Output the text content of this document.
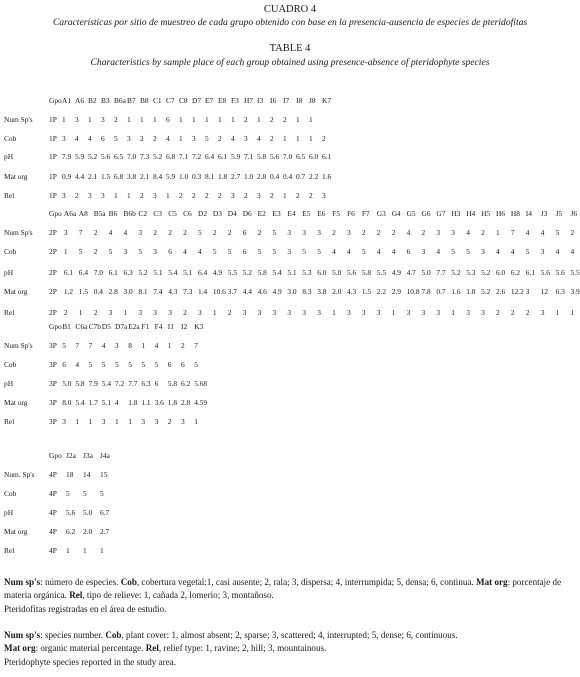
CUADRO 4
Características por sitio de muestreo de cada grupo obtenido con base en la presencia-ausencia de especies de pteridofitas
TABLE 4
Characteristics by sample place of each group obtained using presence-absence of pteridophyte species
Gpo A1 A6 B2 B3 B6a B7 B8 C1 C7 C8 D7 E7 E8 F3 H7 I3 I6 I7 I8 J8 K7
Num Sp's 1P 1 3 1 3 2 1 1 1 6 1 1 1 1 1 2 1 2 2 1 1
Cob	1P 3 4 4 6 5 3 2 2 4 1 3 5 2 4 3 4 2 1 1 1 2
pH	1P 7.9 5.9 5.2 5.6 6.5 7.0 7.3 5.2 6.8 7.1 7.2 6.4 6.1 5.9 7.1 5.8 5.6 7.0 6.5 6.0 6.1
Mat org	1P 0.9 4.4 2.1 1.5 6.8 3.8 2.1 8.4 5.9 1.0 0.3 8.1 1.8 2.7 1.0 2.8 0.4 0.4 0.7 2.2 1.6
Rel	1P 3 2 3 3 1 1 2 3 1 2 2 2 2 3 2 3 2 1 2 2 3
Gpo A6a A8 B5a B6 B6b C2 C3 C5 C6 D2 D3 D4 D6 E2 E3 E4 E5 E6 F5 F6 F7 G3 G4 G5 G6 G7 H3 H4 H5 H6 H8 I4 J3 J5 J6
Num Sp's 2P 3 7 2 4 4 3 2 2 2 5 2 2 6 2 5 3 3 3 2 3 2 2 2 4 2 3 3 4 2 1 7 4 4 5 2
Cob	2P 1 5 2 5 3 5 3 6 4 4 5 5 6 5 5 3 5 5 4 4 5 4 4 6 3 4 5 5 3 4 4 5 3 4 4
pH	2P 6.1 6.4 7.0 6.1 6.3 5.2 5.1 5.4 5.1 6.4 4.9 5.5 5.2 5.8 5.4 5.1 5.3 6.0 5.0 5.6 5.8 5.5 4.9 4.7 5.0 7.7 5.2 5.3 5.2 6.0 6.2 6.1 5.6 5.6 5.5
Mat org	2P 1.2 1.5 0.4 2.8 3.0 8.1 7.4 4.3 7.3 1.4 10.6 3.7 4.4 4.6 4.9 3.0 8.3 3.8 2.0 4.3 1.5 2.2 2.9 10.8 7.8 0.7 1.6 1.8 5.2 2.6 12.2 3 12 6.3 3.9
Rel	2P 2 1 2 3 1 3 3 3 2 3 1 2 3 3 3 3 3 3 1 3 3 3 1 3 3 3 1 3 3 2 2 2 3 1 1
Gpo B1 C6a C7b D5 D7a E2a F1 F4 I1 I2 K3
Num Sp's 3P 5 7 7 4 3 8 1 4 1 2 7
Cob	3P 6 4 5 5 5 5 5 5 6 6 5
pH	3P 5.0 5.8 7.9 5.4 7.2 7.7 6.3 6 5.8 6.2 5.68
Mat org	3P 8.0 5.4 1.7 5.1 4 1.8 1.1 3.6 1.8 2.8 4.59
Rel	3P 3 1 1 3 1 1 3 3 2 3 1
Gpo J2a J3a J4a
Num. Sp's 4P 18 14 15
Cob	4P 5 5 5
pH	4P 5.6 5.0 6.7
Mat org	4P 6.2 2.0 2.7
Rel	4P 1 1 1
Num sp's: número de especies. Cob, cobertura vegetal:1, casi ausente; 2, rala; 3, dispersa; 4, interrumpida; 5, densa; 6, continua. Mat org: porcentaje de materia orgánica. Rel, tipo de relieve: 1, cañada 2, lomerio; 3, montañoso.
Pteridofitas registradas en el área de estudio.
Num sp's: species number. Cob, plant cover: 1, almost absent; 2, sparse; 3, scattered; 4, interrupted; 5, dense; 6, continuous.
Mat org: organic material percentage. Rel, relief type: 1, ravine; 2, hill; 3, mountainous.
Pteridophyte species reported in the study area.
